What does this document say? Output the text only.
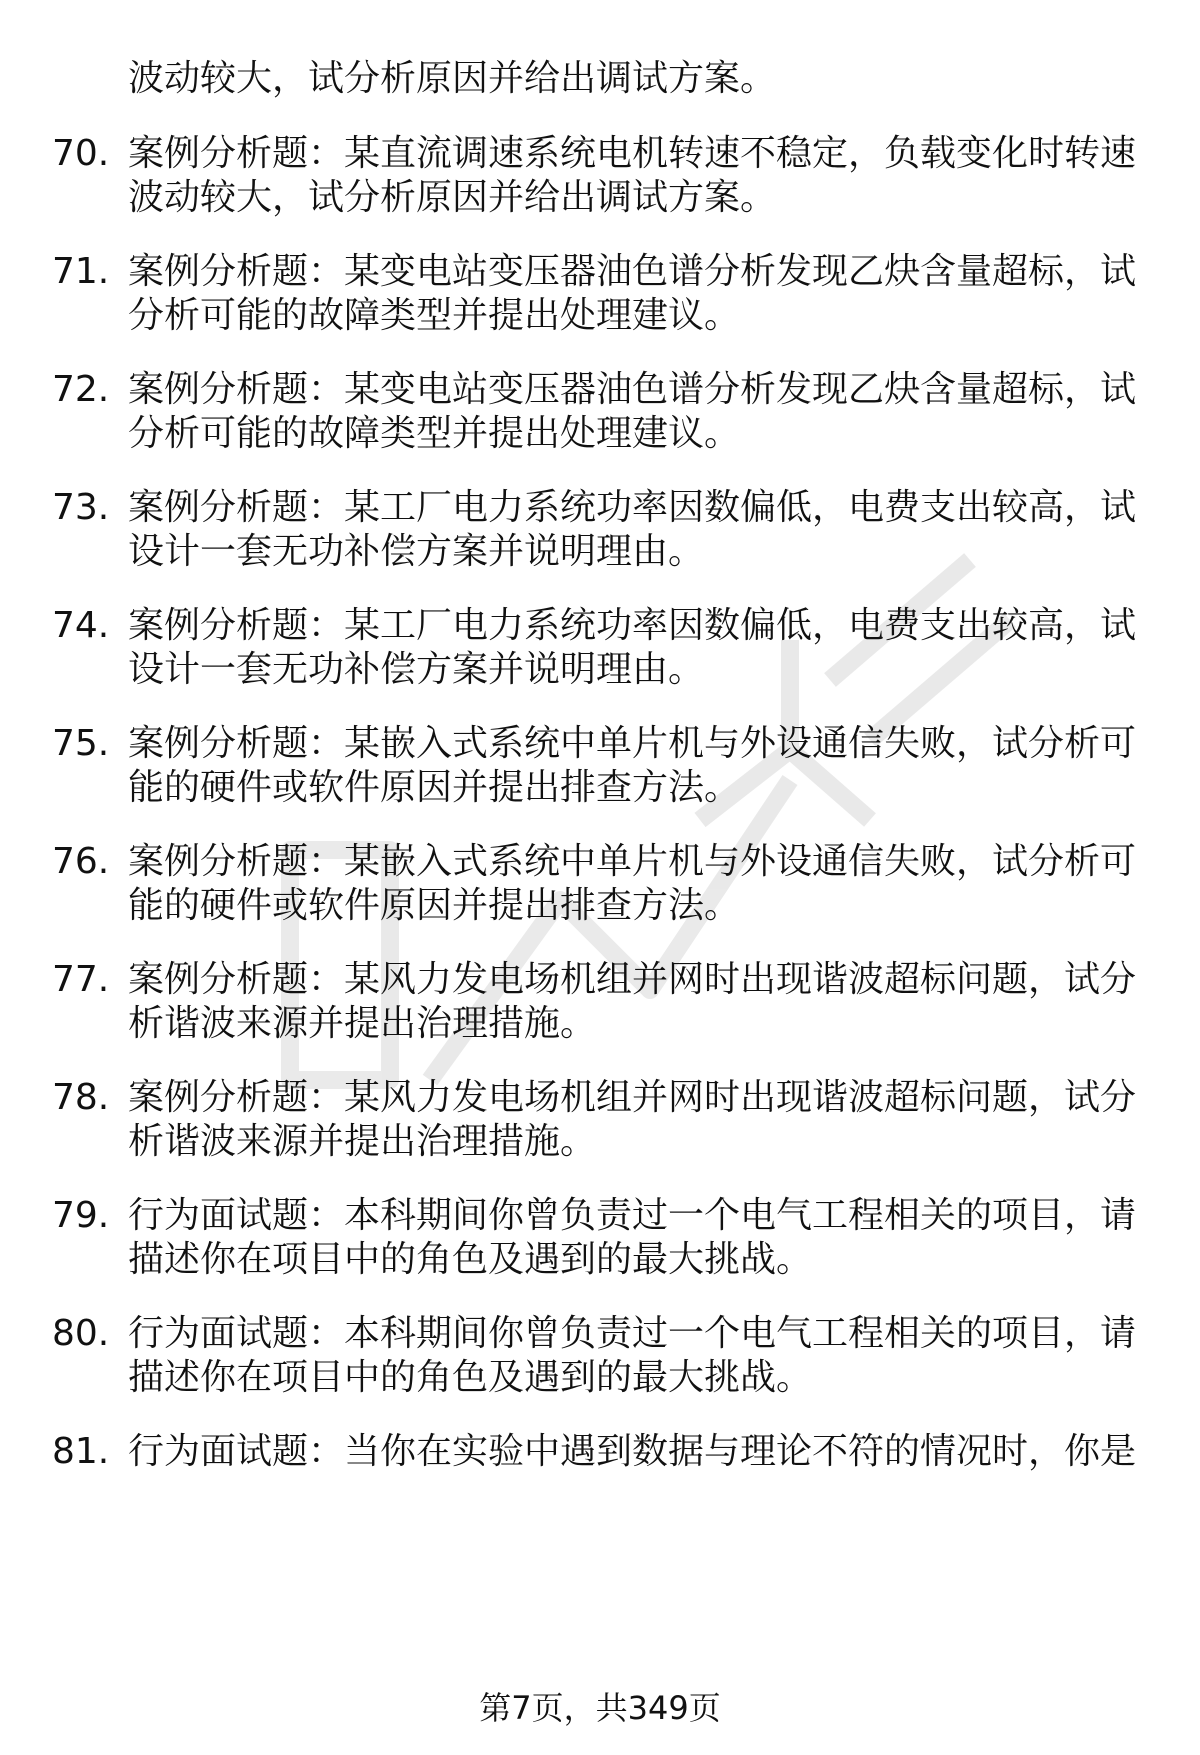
波动较大，试分析原因并给出调试方案。
70. 案例分析题：某直流调速系统电机转速不稳定，负载变化时转速
波动较大，试分析原因并给出调试方案。
71. 案例分析题：某变电站变压器油色谱分析发现乙炔含量超标，试
分析可能的故障类型并提出处理建议。
72. 案例分析题：某变电站变压器油色谱分析发现乙炔含量超标，试
分析可能的故障类型并提出处理建议。
73. 案例分析题：某工厂电力系统功率因数偏低，电费支出较高，试
设计一套无功补偿方案并说明理由。
74. 案例分析题：某工厂电力系统功率因数偏低，电费支出较高，试
设计一套无功补偿方案并说明理由。
75. 案例分析题：某嵌入式系统中单片机与外设通信失败，试分析可
能的硬件或软件原因并提出排查方法。
76. 案例分析题：某嵌入式系统中单片机与外设通信失败，试分析可
能的硬件或软件原因并提出排查方法。
77. 案例分析题：某风力发电场机组并网时出现谐波超标问题，试分
析谐波来源并提出治理措施。
78. 案例分析题：某风力发电场机组并网时出现谐波超标问题，试分
析谐波来源并提出治理措施。
79. 行为面试题：本科期间你曾负责过一个电气工程相关的项目，请
描述你在项目中的角色及遇到的最大挑战。
80. 行为面试题：本科期间你曾负责过一个电气工程相关的项目，请
描述你在项目中的角色及遇到的最大挑战。
81. 行为面试题：当你在实验中遇到数据与理论不符的情况时，你是
第7页，共349页
